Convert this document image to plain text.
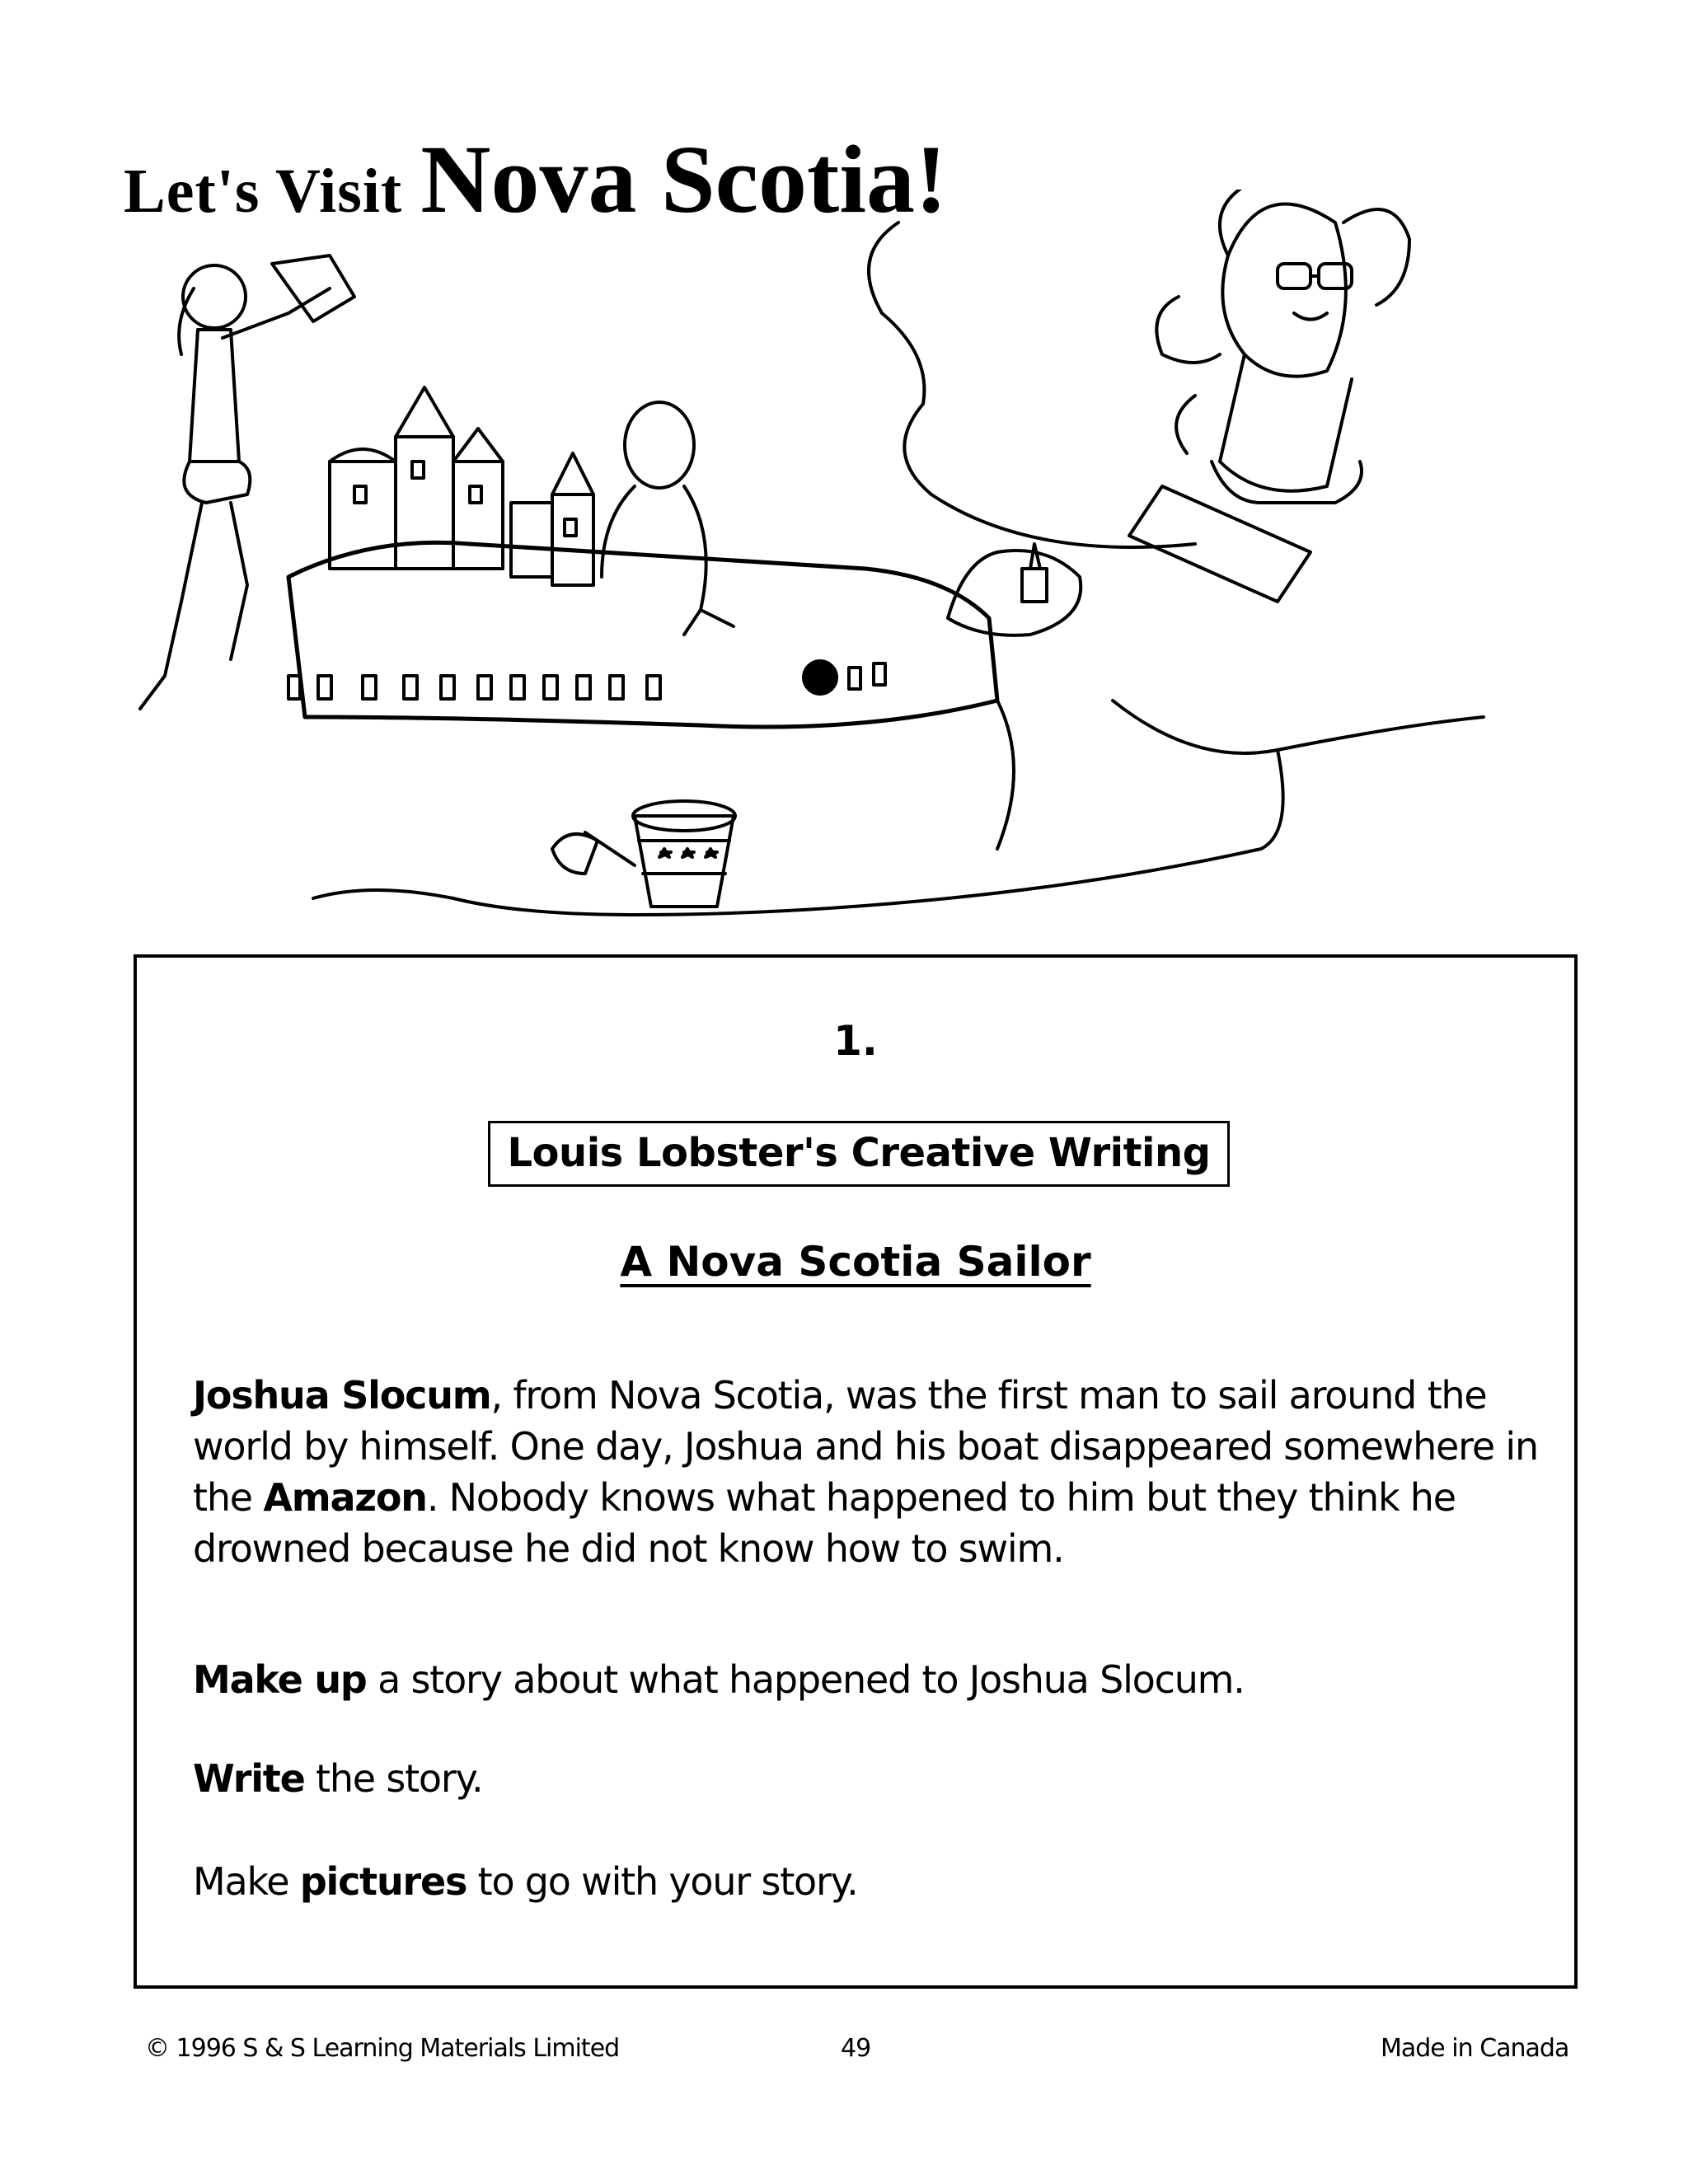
Let's Visit Nova Scotia!
1.
Louis Lobster's Creative Writing
A Nova Scotia Sailor
Joshua Slocum, from Nova Scotia, was the first man to sail around the world by himself. One day, Joshua and his boat disappeared somewhere in the Amazon. Nobody knows what happened to him but they think he drowned because he did not know how to swim.
Make up a story about what happened to Joshua Slocum.
Write the story.
Make pictures to go with your story.
© 1996 S & S Learning Materials Limited	49	Made in Canada
